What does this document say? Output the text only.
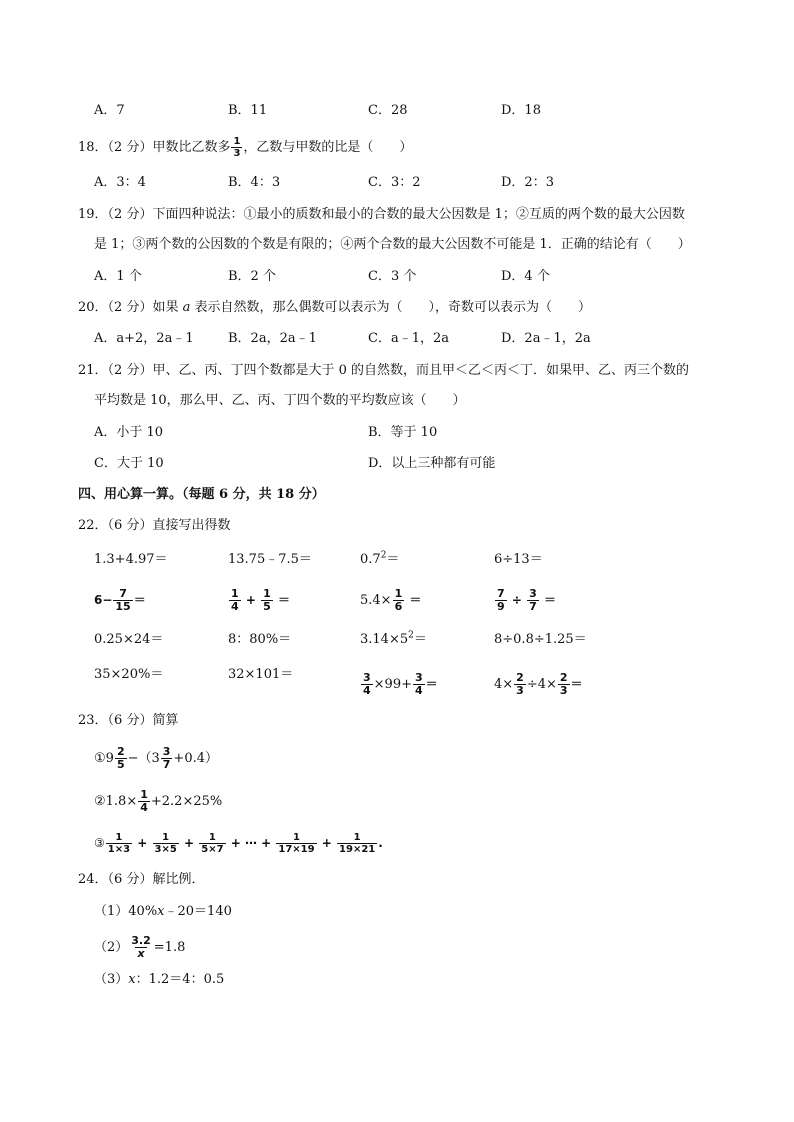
A．7	B．11	C．28	D．18
18．（2 分）甲数比乙数多 $\frac{1}{3}$ ，乙数与甲数的比是（　　）
A．3：4	B．4：3	C．3：2	D．2：3
19．（2 分）下面四种说法：①最小的质数和最小的合数的最大公因数是 1；②互质的两个数的最大公因数
是 1；③两个数的公因数的个数是有限的；④两个合数的最大公因数不可能是 1．正确的结论有（　　）
A．1 个	B．2 个	C．3 个	D．4 个
20．（2 分）如果 a 表示自然数，那么偶数可以表示为（　　），奇数可以表示为（　　）
A．a+2，2a﹣1	B．2a，2a﹣1	C．a﹣1，2a	D．2a﹣1，2a
21．（2 分）甲、乙、丙、丁四个数都是大于 0 的自然数，而且甲＜乙＜丙＜丁．如果甲、乙、丙三个数的
平均数是 10，那么甲、乙、丙、丁四个数的平均数应该（　　）
A．小于 10	B．等于 10
C．大于 10	D．以上三种都有可能
四、用心算一算。（每题 6 分，共 18 分）
22．（6 分）直接写出得数
1.3+4.97＝	13.75﹣7.5＝	$0.7^2=$	6÷13＝
$6- \frac{7}{15}$ ＝	$\frac{1}{4} + \frac{1}{5}$ ＝	$5.4\times \frac{1}{6}$ ＝	$\frac{7}{9} \div \frac{3}{7}$ ＝
0.25×24＝	8：80%＝	$3.14\times 5^2=$	8÷0.8÷1.25＝
35×20%＝	32×101＝	$\frac{3}{4} \times 99+ \frac{3}{4}$ ＝	$4\times \frac{2}{3} \div 4\times \frac{2}{3}$ ＝
23．（6 分）简算
①9 $\frac{2}{5} -(3 \frac{3}{7} +0.4)$
②1.8× $\frac{1}{4} +2.2\times 25\%$
③ $\frac{1}{1\times 3} + \frac{1}{3\times 5} + \frac{1}{5\times 7}$ + ⋯ + $\frac{1}{17\times 19} + \frac{1}{19\times 21}$ .
24．（6 分）解比例．
（1）40%x﹣20＝140
$(2) \frac{3.2}{x} =1.8$
（3）x：1.2＝4：0.5
